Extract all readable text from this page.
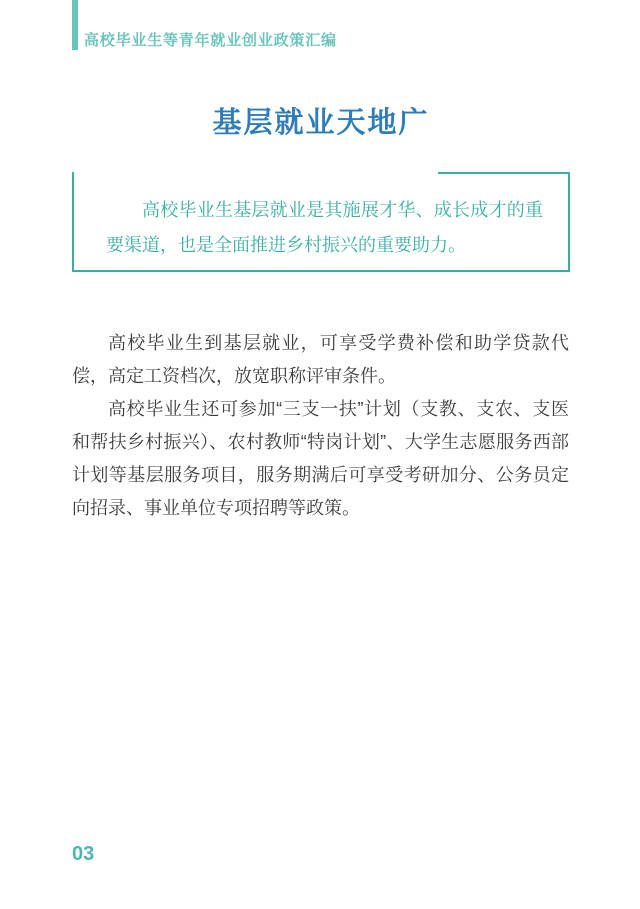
高校毕业生等青年就业创业政策汇编
基层就业天地广

高校毕业生基层就业是其施展才华、成长成才的重要渠道，也是全面推进乡村振兴的重要助力。

高校毕业生到基层就业，可享受学费补偿和助学贷款代偿，高定工资档次，放宽职称评审条件。

高校毕业生还可参加“三支一扶”计划（支教、支农、支医和帮扶乡村振兴）、农村教师“特岗计划”、大学生志愿服务西部计划等基层服务项目，服务期满后可享受考研加分、公务员定向招录、事业单位专项招聘等政策。

03
